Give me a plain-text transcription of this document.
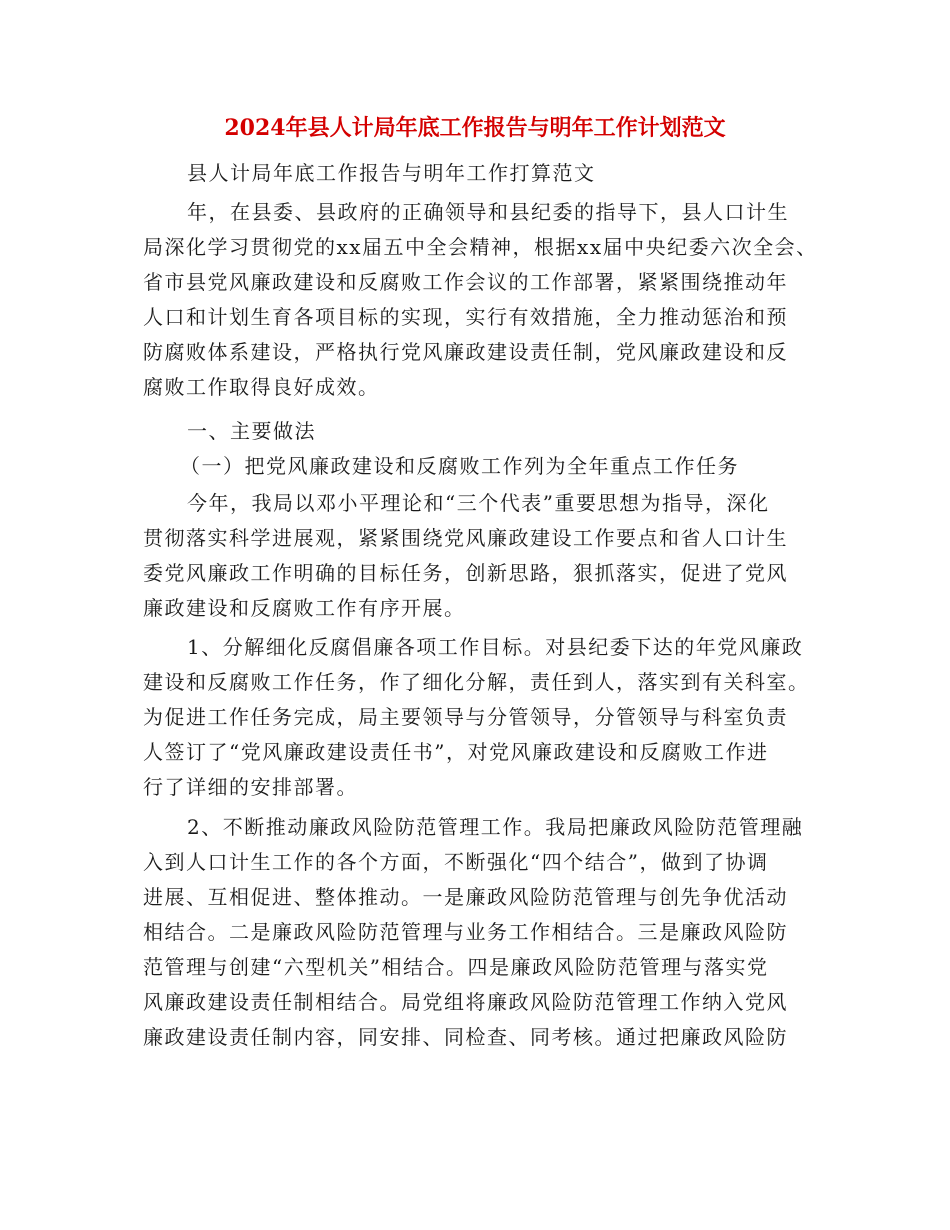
2024年县人计局年底工作报告与明年工作计划范文
县人计局年底工作报告与明年工作打算范文
年，在县委、县政府的正确领导和县纪委的指导下，县人口计生
局深化学习贯彻党的xx届五中全会精神，根据xx届中央纪委六次全会、
省市县党风廉政建设和反腐败工作会议的工作部署，紧紧围绕推动年
人口和计划生育各项目标的实现，实行有效措施，全力推动惩治和预
防腐败体系建设，严格执行党风廉政建设责任制，党风廉政建设和反
腐败工作取得良好成效。
一、主要做法
（一）把党风廉政建设和反腐败工作列为全年重点工作任务
今年，我局以邓小平理论和“三个代表”重要思想为指导，深化
贯彻落实科学进展观，紧紧围绕党风廉政建设工作要点和省人口计生
委党风廉政工作明确的目标任务，创新思路，狠抓落实，促进了党风
廉政建设和反腐败工作有序开展。
1、分解细化反腐倡廉各项工作目标。对县纪委下达的年党风廉政
建设和反腐败工作任务，作了细化分解，责任到人，落实到有关科室。
为促进工作任务完成，局主要领导与分管领导，分管领导与科室负责
人签订了“党风廉政建设责任书”，对党风廉政建设和反腐败工作进
行了详细的安排部署。
2、不断推动廉政风险防范管理工作。我局把廉政风险防范管理融
入到人口计生工作的各个方面，不断强化“四个结合”，做到了协调
进展、互相促进、整体推动。一是廉政风险防范管理与创先争优活动
相结合。二是廉政风险防范管理与业务工作相结合。三是廉政风险防
范管理与创建“六型机关”相结合。四是廉政风险防范管理与落实党
风廉政建设责任制相结合。局党组将廉政风险防范管理工作纳入党风
廉政建设责任制内容，同安排、同检查、同考核。通过把廉政风险防
